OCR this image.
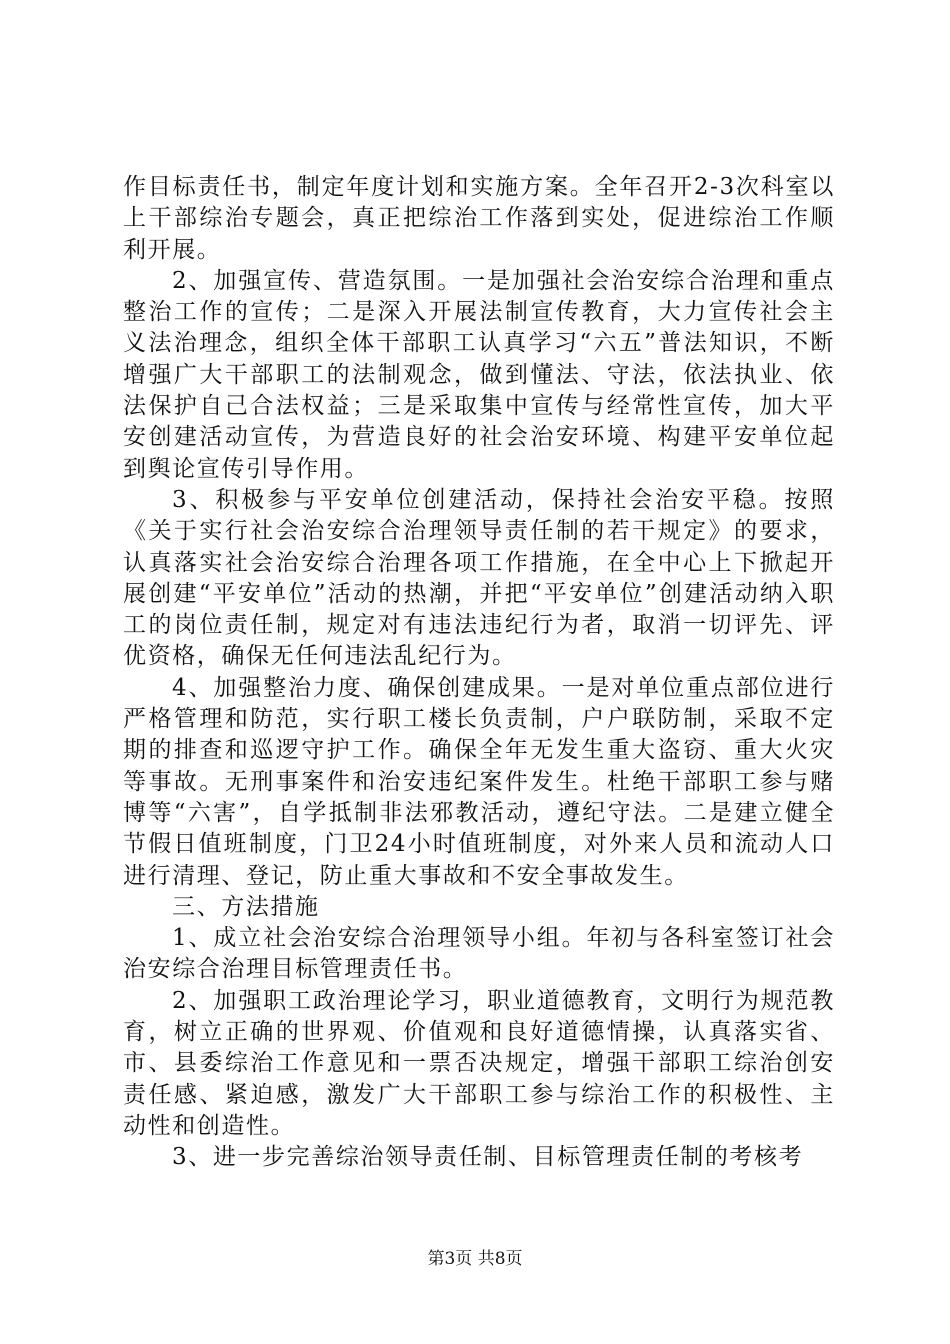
作目标责任书，制定年度计划和实施方案。全年召开2-3次科室以上干部综治专题会，真正把综治工作落到实处，促进综治工作顺利开展。

2、加强宣传、营造氛围。一是加强社会治安综合治理和重点整治工作的宣传；二是深入开展法制宣传教育，大力宣传社会主义法治理念，组织全体干部职工认真学习“六五”普法知识，不断增强广大干部职工的法制观念，做到懂法、守法，依法执业、依法保护自己合法权益；三是采取集中宣传与经常性宣传，加大平安创建活动宣传，为营造良好的社会治安环境、构建平安单位起到舆论宣传引导作用。

3、积极参与平安单位创建活动，保持社会治安平稳。按照《关于实行社会治安综合治理领导责任制的若干规定》的要求，认真落实社会治安综合治理各项工作措施，在全中心上下掀起开展创建“平安单位”活动的热潮，并把“平安单位”创建活动纳入职工的岗位责任制，规定对有违法违纪行为者，取消一切评先、评优资格，确保无任何违法乱纪行为。

4、加强整治力度、确保创建成果。一是对单位重点部位进行严格管理和防范，实行职工楼长负责制，户户联防制，采取不定期的排查和巡逻守护工作。确保全年无发生重大盗窃、重大火灾等事故。无刑事案件和治安违纪案件发生。杜绝干部职工参与赌博等“六害”，自学抵制非法邪教活动，遵纪守法。二是建立健全节假日值班制度，门卫24小时值班制度，对外来人员和流动人口进行清理、登记，防止重大事故和不安全事故发生。

三、方法措施

1、成立社会治安综合治理领导小组。年初与各科室签订社会治安综合治理目标管理责任书。

2、加强职工政治理论学习，职业道德教育，文明行为规范教育，树立正确的世界观、价值观和良好道德情操，认真落实省、市、县委综治工作意见和一票否决规定，增强干部职工综治创安责任感、紧迫感，激发广大干部职工参与综治工作的积极性、主动性和创造性。

3、进一步完善综治领导责任制、目标管理责任制的考核考

第3页 共8页
